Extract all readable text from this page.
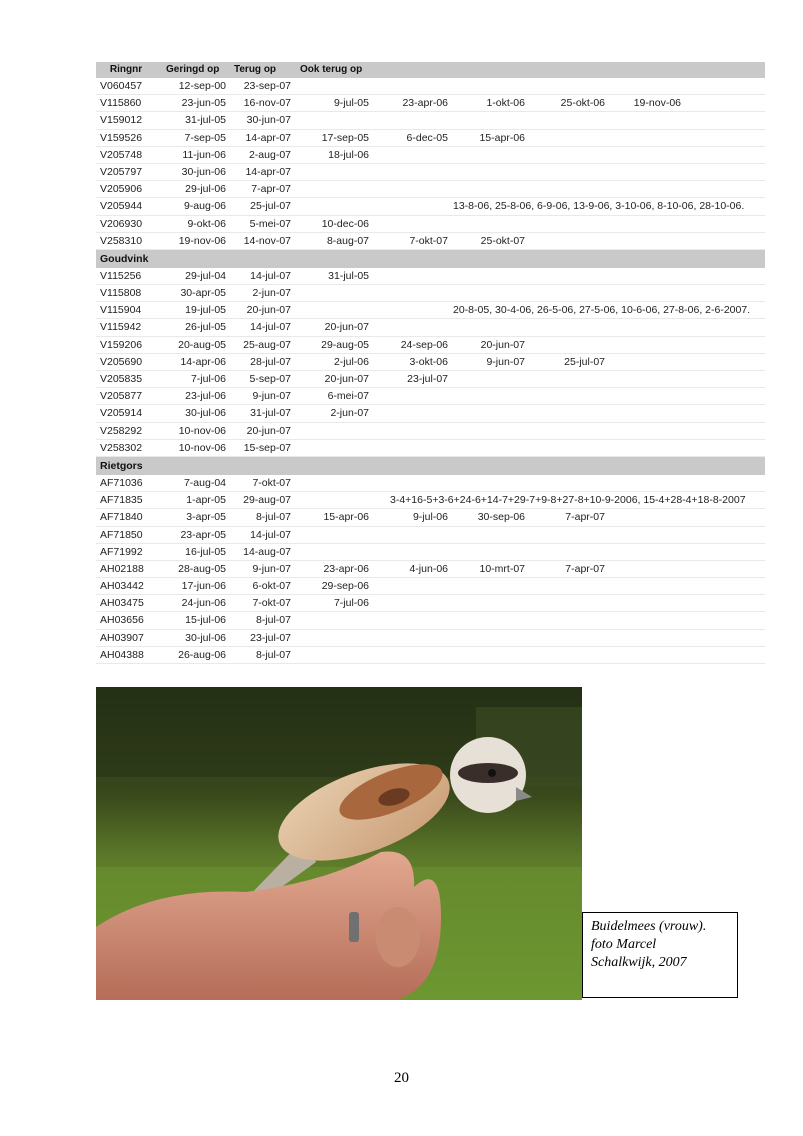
Ringnr	Geringd op Terug op Ook terug op
V060457	12-sep-00 23-sep-07
V115860	23-jun-05 16-nov-07	9-jul-05	23-apr-06	1-okt-06	25-okt-06	19-nov-06
V159012	31-jul-05 30-jun-07
V159526	7-sep-05 14-apr-07	17-sep-05	6-dec-05	15-apr-06
V205748	11-jun-06 2-aug-07	18-jul-06
V205797	30-jun-06 14-apr-07
V205906	29-jul-06 7-apr-07
V205944	9-aug-06 25-jul-07	13-8-06, 25-8-06, 6-9-06, 13-9-06, 3-10-06, 8-10-06, 28-10-06.
V206930	9-okt-06 5-mei-07	10-dec-06
V258310	19-nov-06 14-nov-07	8-aug-07	7-okt-07	25-okt-07
Goudvink
V115256	29-jul-04 14-jul-07	31-jul-05
V115808	30-apr-05	2-jun-07
V115904	19-jul-05 20-jun-07	20-8-05, 30-4-06, 26-5-06, 27-5-06, 10-6-06, 27-8-06, 2-6-2007.
V115942	26-jul-05 14-jul-07	20-jun-07
V159206	20-aug-05 25-aug-07	29-aug-05	24-sep-06	20-jun-07
V205690	14-apr-06 28-jul-07	2-jul-06	3-okt-06	9-jun-07	25-jul-07
V205835	7-jul-06 5-sep-07	20-jun-07	23-jul-07
V205877	23-jul-06	9-jun-07	6-mei-07
V205914	30-jul-06 31-jul-07	2-jun-07
V258292	10-nov-06 20-jun-07
V258302	10-nov-06 15-sep-07
Rietgors
AF71036	7-aug-04	7-okt-07
AF71835	1-apr-05 29-aug-07	3-4+16-5+3-6+24-6+14-7+29-7+9-8+27-8+10-9-2006, 15-4+28-4+18-8-2007
AF71840	3-apr-05	8-jul-07	15-apr-06	9-jul-06	30-sep-06	7-apr-07
AF71850	23-apr-05 14-jul-07
AF71992	16-jul-05 14-aug-07
AH02188	28-aug-05	9-jun-07	23-apr-06	4-jun-06	10-mrt-07	7-apr-07
AH03442	17-jun-06	6-okt-07	29-sep-06
AH03475	24-jun-06	7-okt-07	7-jul-06
AH03656	15-jul-06	8-jul-07
AH03907	30-jul-06 23-jul-07
AH04388	26-aug-06	8-jul-07
Buidelmees (vrouw).
foto Marcel
Schalkwijk, 2007
20
